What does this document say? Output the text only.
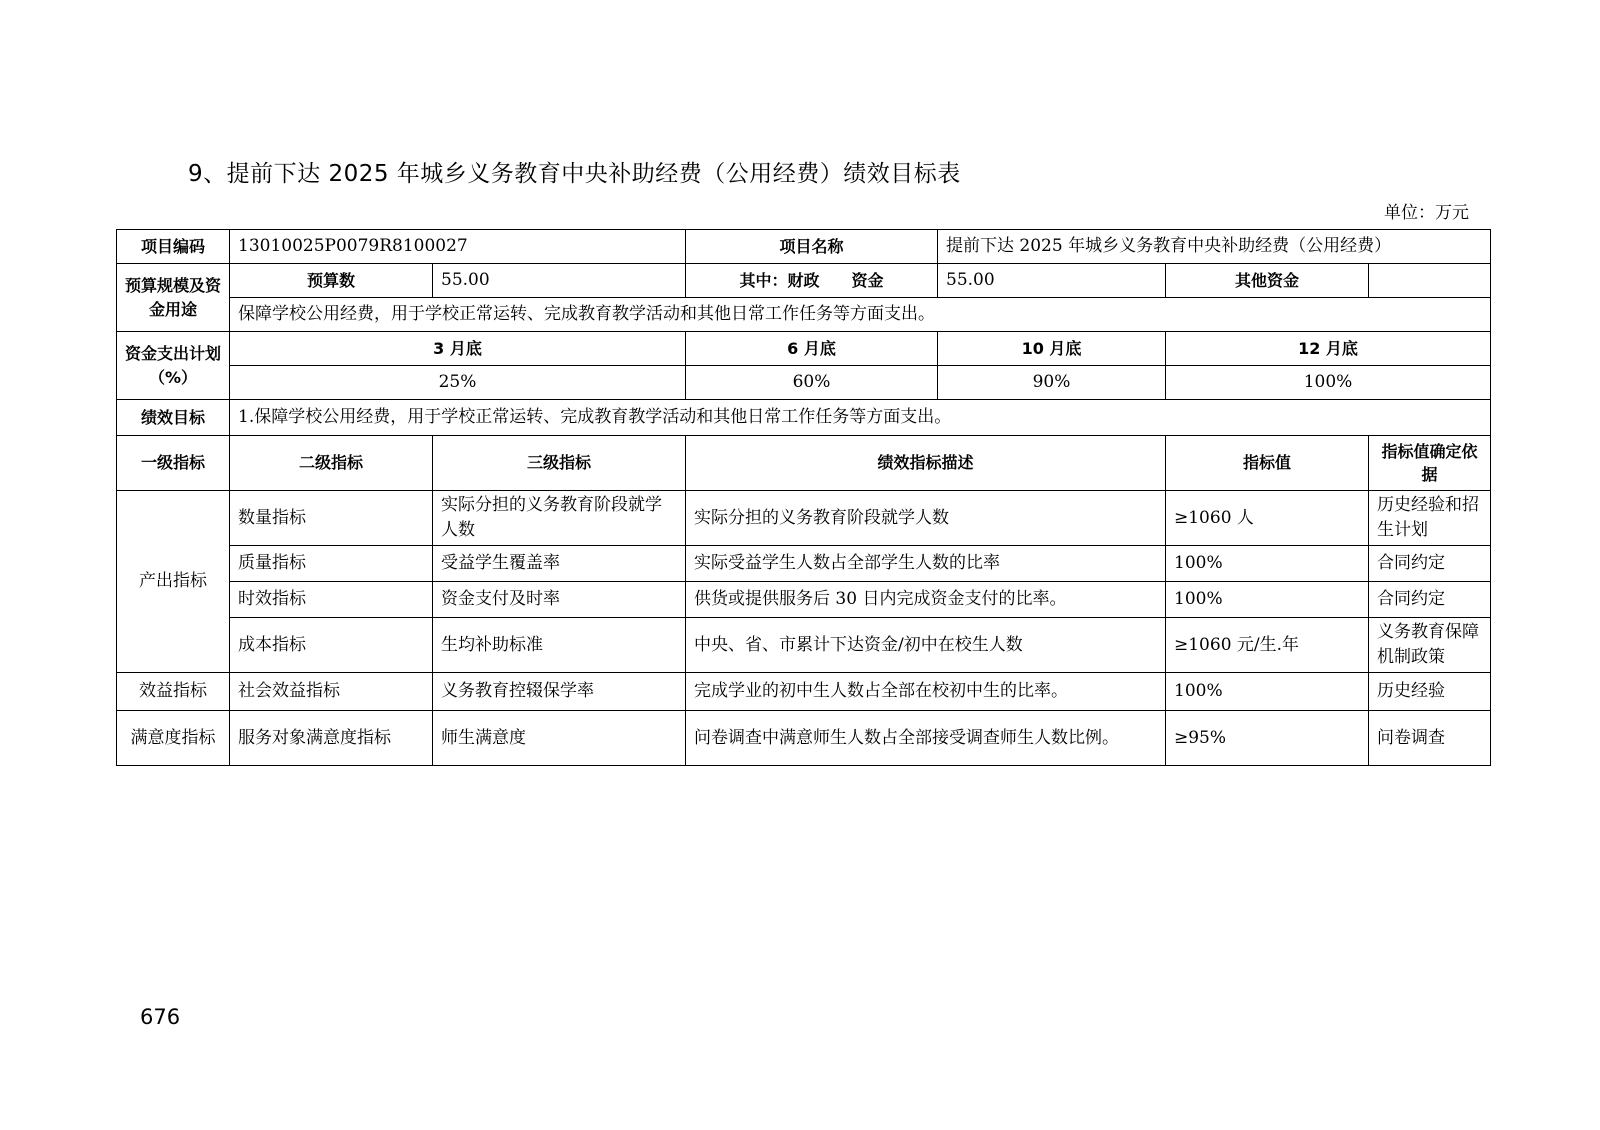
9、提前下达 2025 年城乡义务教育中央补助经费（公用经费）绩效目标表
单位：万元
项目编码	13010025P0079R8100027		项目名称	提前下达 2025 年城乡义务教育中央补助经费（公用经费）		
预算规模及资金用途	预算数	55.00	其中：财政　　资金	55.00	其他资金	
	保障学校公用经费，用于学校正常运转、完成教育教学活动和其他日常工作任务等方面支出。					
资金支出计划（%）	3 月底		6 月底	10 月底	12 月底	
	25%		60%	90%	100%	
绩效目标	1.保障学校公用经费，用于学校正常运转、完成教育教学活动和其他日常工作任务等方面支出。					
一级指标	二级指标	三级指标	绩效指标描述		指标值	指标值确定依据
产出指标	数量指标	实际分担的义务教育阶段就学人数	实际分担的义务教育阶段就学人数		≥1060 人	历史经验和招生计划
	质量指标	受益学生覆盖率	实际受益学生人数占全部学生人数的比率		100%	合同约定
	时效指标	资金支付及时率	供货或提供服务后 30 日内完成资金支付的比率。		100%	合同约定
	成本指标	生均补助标准	中央、省、市累计下达资金/初中在校生人数		≥1060 元/生.年	义务教育保障机制政策
效益指标	社会效益指标	义务教育控辍保学率	完成学业的初中生人数占全部在校初中生的比率。		100%	历史经验
满意度指标	服务对象满意度指标	师生满意度	问卷调查中满意师生人数占全部接受调查师生人数比例。		≥95%	问卷调查
676
